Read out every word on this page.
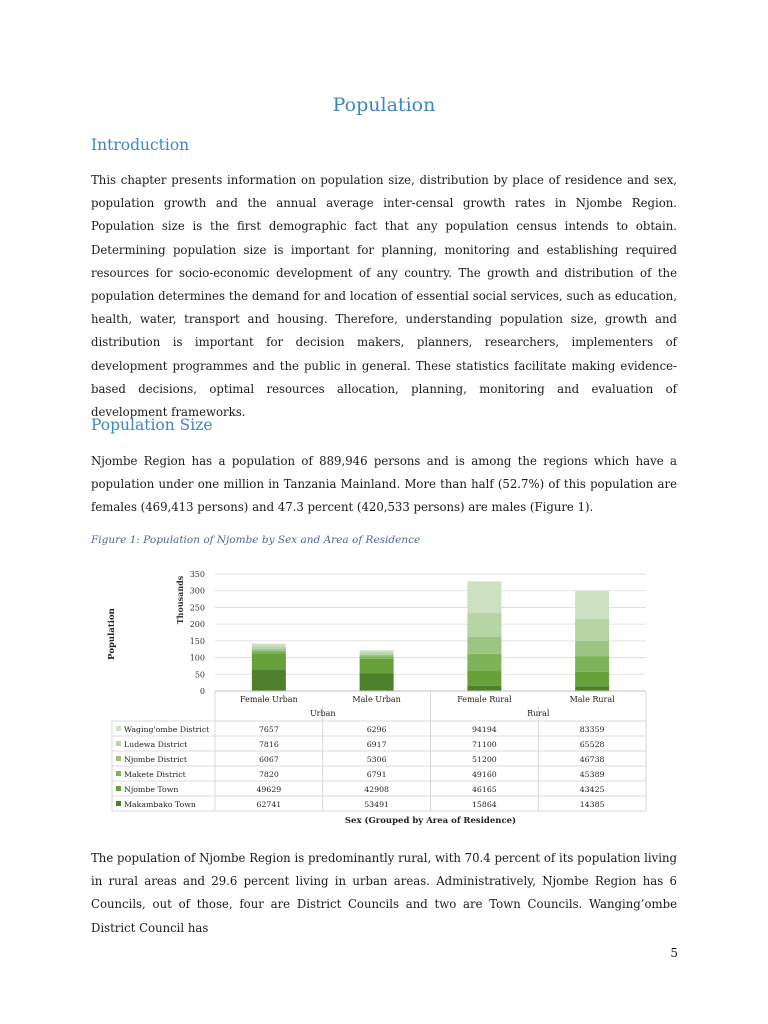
Population
Introduction
This chapter presents information on population size, distribution by place of residence and sex, population growth and the annual average inter-censal growth rates in Njombe Region. Population size is the first demographic fact that any population census intends to obtain. Determining population size is important for planning, monitoring and establishing required resources for socio-economic development of any country. The growth and distribution of the population determines the demand for and location of essential social services, such as education, health, water, transport and housing. Therefore, understanding population size, growth and distribution is important for decision makers, planners, researchers, implementers of development programmes and the public in general. These statistics facilitate making evidence-based decisions, optimal resources allocation, planning, monitoring and evaluation of development frameworks.
Population Size
Njombe Region has a population of 889,946 persons and is among the regions which have a population under one million in Tanzania Mainland. More than half (52.7%) of this population are females (469,413 persons) and 47.3 percent (420,533 persons) are males (Figure 1).
Figure 1: Population of Njombe by Sex and Area of Residence
0
50
100
150
200
250
300
350
Thousands
Population
Female Urban	Male Urban	Female Rural	Male Rural
Urban	Rural
Waging'ombe District	7657	6296	94194	83359
Ludewa District	7816	6917	71100	65528
Njombe District	6067	5306	51200	46738
Makete District	7820	6791	49160	45389
Njombe Town	49629	42908	46165	43425
Makambako Town	62741	53491	15864	14385
Sex (Grouped by Area of Residence)
The population of Njombe Region is predominantly rural, with 70.4 percent of its population living in rural areas and 29.6 percent living in urban areas. Administratively, Njombe Region has 6 Councils, out of those, four are District Councils and two are Town Councils. Wanging’ombe District Council has
5
